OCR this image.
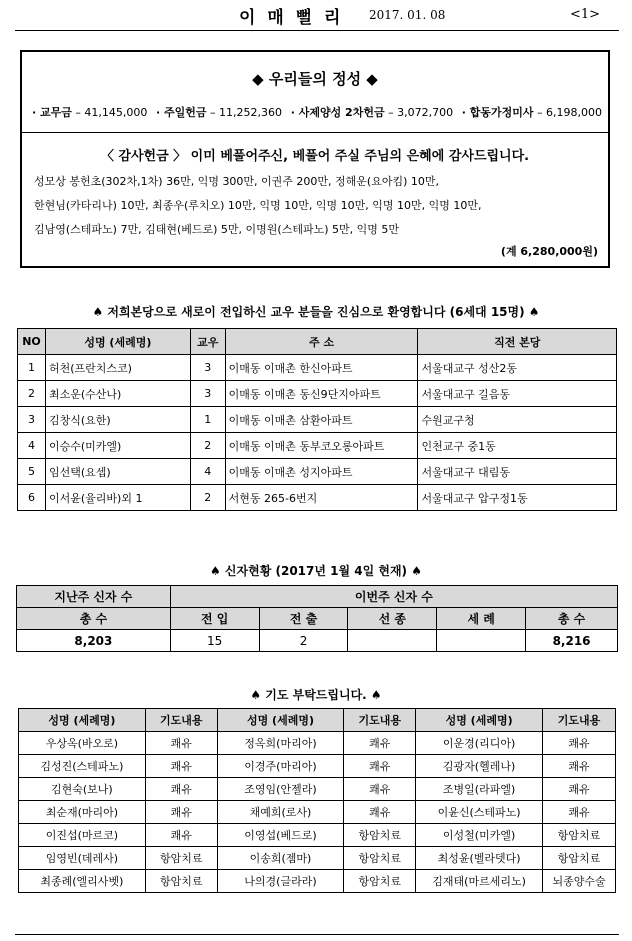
이 매 뻘 리 2017. 01. 08	<1>
◆ 우리들의 정성 ◆
· 교무금 – 41,145,000 · 주일헌금 – 11,252,360 · 사제양성 2차헌금 – 3,072,700 · 합동가정미사 – 6,198,000
〈 감사헌금 〉 이미 베풀어주신, 베풀어 주실 주님의 은혜에 감사드립니다.
성모상 봉헌초(302차,1차) 36만, 익명 300만, 이권주 200만, 정해운(요아킴) 10만,
한현님(카타리나) 10만, 최종우(루치오) 10만, 익명 10만, 익명 10만, 익명 10만, 익명 10만,
김남영(스테파노) 7만, 김태현(베드로) 5만, 이명원(스테파노) 5만, 익명 5만
(계 6,280,000원)
♠ 저희본당으로 새로이 전입하신 교우 분들을 진심으로 환영합니다 (6세대 15명) ♠
NO	성명 (세례명)	교우	주 소	직전 본당
1	허천(프란치스코)	3	이매동 이매촌 한신아파트	서울대교구 성산2동
2	최소운(수산나)	3	이매동 이매촌 동신9단지아파트	서울대교구 길음동
3	김창식(요한)	1	이매동 이매촌 삼환아파트	수원교구청
4	이승수(미카엘)	2	이매동 이매촌 동부코오롱아파트	인천교구 중1동
5	임선택(요셉)	4	이매동 이매촌 성지아파트	서울대교구 대림동
6	이서윤(율리바)외 1	2	서현동 265-6번지	서울대교구 압구정1동
♠ 신자현황 (2017년 1월 4일 현재) ♠
지난주 신자 수	이번주 신자 수				
총 수	전 입	전 출	선 종	세 례	총 수
8,203	15	2			8,216
♠ 기도 부탁드립니다. ♠
성명 (세례명)	기도내용	성명 (세례명)	기도내용	성명 (세례명)	기도내용
우상옥(바오로)	쾌유	정옥희(마리아)	쾌유	이운경(리디아)	쾌유
김성진(스테파노)	쾌유	이경주(마리아)	쾌유	김광자(헬레나)	쾌유
김현숙(보나)	쾌유	조영임(안젤라)	쾌유	조병일(라파엘)	쾌유
최순재(마리아)	쾌유	채예희(로사)	쾌유	이윤신(스테파노)	쾌유
이진섭(마르코)	쾌유	이영섭(베드로)	항암치료	이성철(미카엘)	항암치료
임영빈(데레사)	항암치료	이송희(젬마)	항암치료	최성윤(벨라뎃다)	항암치료
최종례(엘리사벳)	항암치료	나의경(글라라)	항암치료	김재태(마르세리노)	뇌종양수술
